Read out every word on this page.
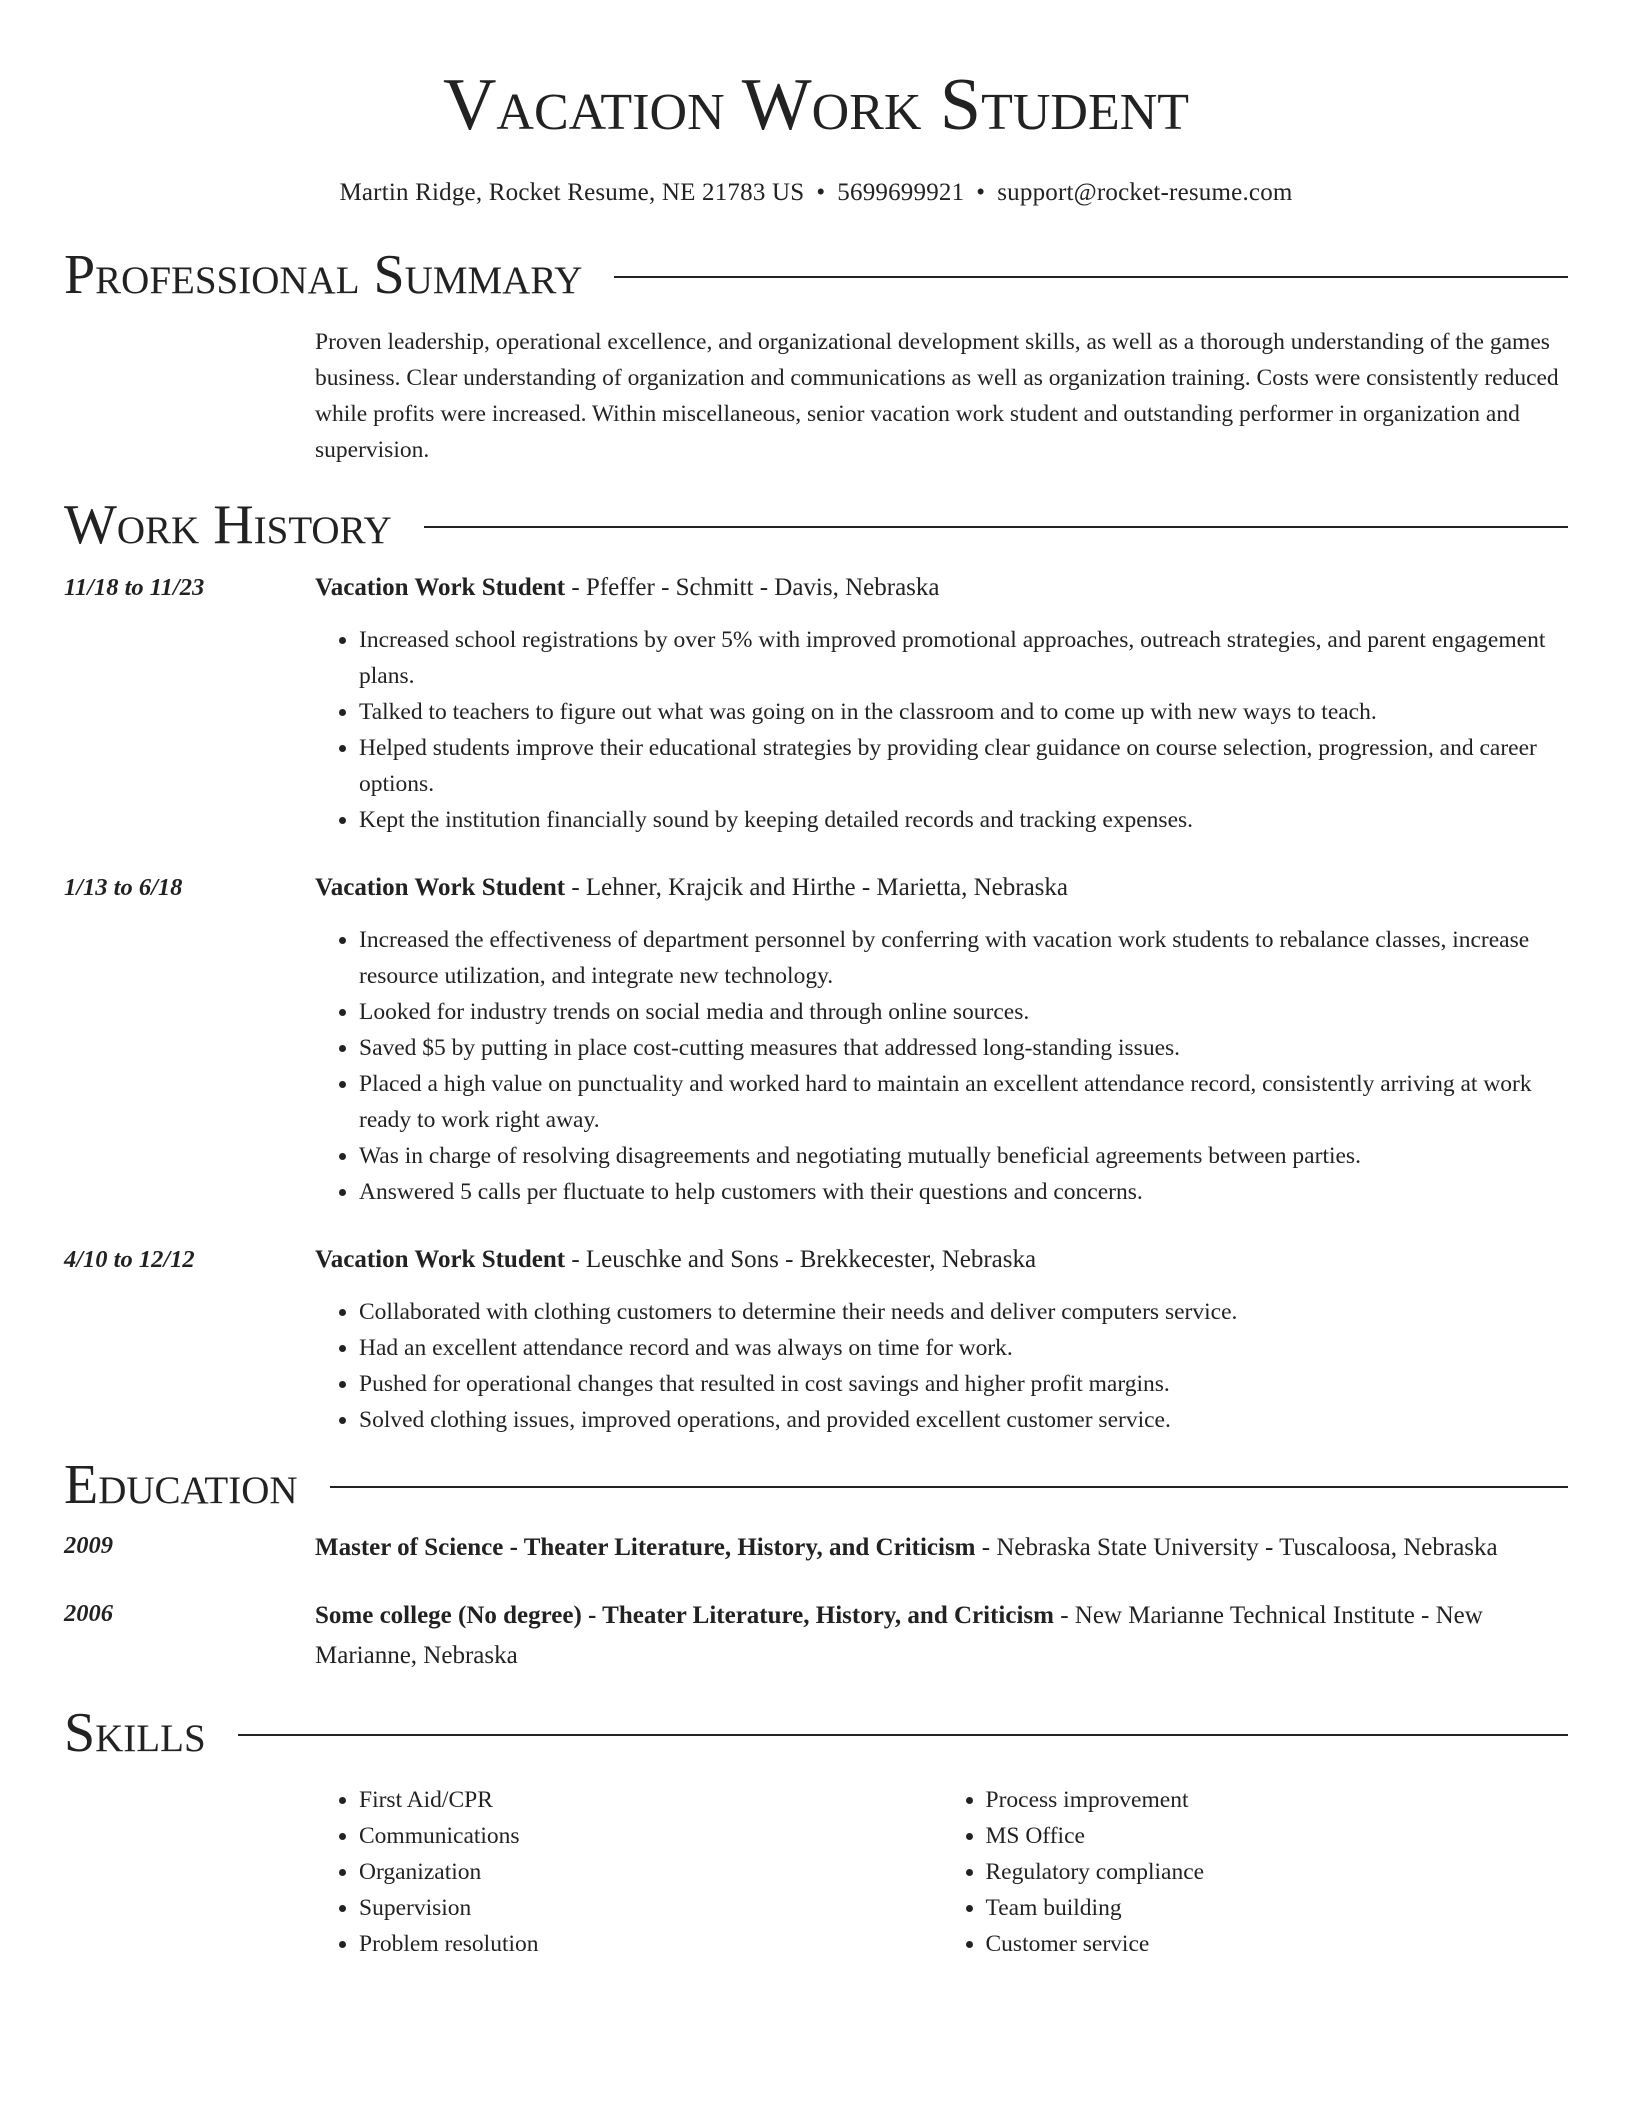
Vacation Work Student
Martin Ridge, Rocket Resume, NE 21783 US • 5699699921 • support@rocket-resume.com
Professional Summary
Proven leadership, operational excellence, and organizational development skills, as well as a thorough understanding of the games business. Clear understanding of organization and communications as well as organization training. Costs were consistently reduced while profits were increased. Within miscellaneous, senior vacation work student and outstanding performer in organization and supervision.
Work History
11/18 to 11/23	Vacation Work Student - Pfeffer - Schmitt - Davis, Nebraska
• Increased school registrations by over 5% with improved promotional approaches, outreach strategies, and parent engagement plans.
• Talked to teachers to figure out what was going on in the classroom and to come up with new ways to teach.
• Helped students improve their educational strategies by providing clear guidance on course selection, progression, and career options.
• Kept the institution financially sound by keeping detailed records and tracking expenses.
1/13 to 6/18	Vacation Work Student - Lehner, Krajcik and Hirthe - Marietta, Nebraska
• Increased the effectiveness of department personnel by conferring with vacation work students to rebalance classes, increase resource utilization, and integrate new technology.
• Looked for industry trends on social media and through online sources.
• Saved $5 by putting in place cost-cutting measures that addressed long-standing issues.
• Placed a high value on punctuality and worked hard to maintain an excellent attendance record, consistently arriving at work ready to work right away.
• Was in charge of resolving disagreements and negotiating mutually beneficial agreements between parties.
• Answered 5 calls per fluctuate to help customers with their questions and concerns.
4/10 to 12/12	Vacation Work Student - Leuschke and Sons - Brekkecester, Nebraska
• Collaborated with clothing customers to determine their needs and deliver computers service.
• Had an excellent attendance record and was always on time for work.
• Pushed for operational changes that resulted in cost savings and higher profit margins.
• Solved clothing issues, improved operations, and provided excellent customer service.
Education
2009	Master of Science - Theater Literature, History, and Criticism - Nebraska State University - Tuscaloosa, Nebraska
2006	Some college (No degree) - Theater Literature, History, and Criticism - New Marianne Technical Institute - New Marianne, Nebraska
Skills
• First Aid/CPR
• Communications
• Organization
• Supervision
• Problem resolution
• Process improvement
• MS Office
• Regulatory compliance
• Team building
• Customer service
